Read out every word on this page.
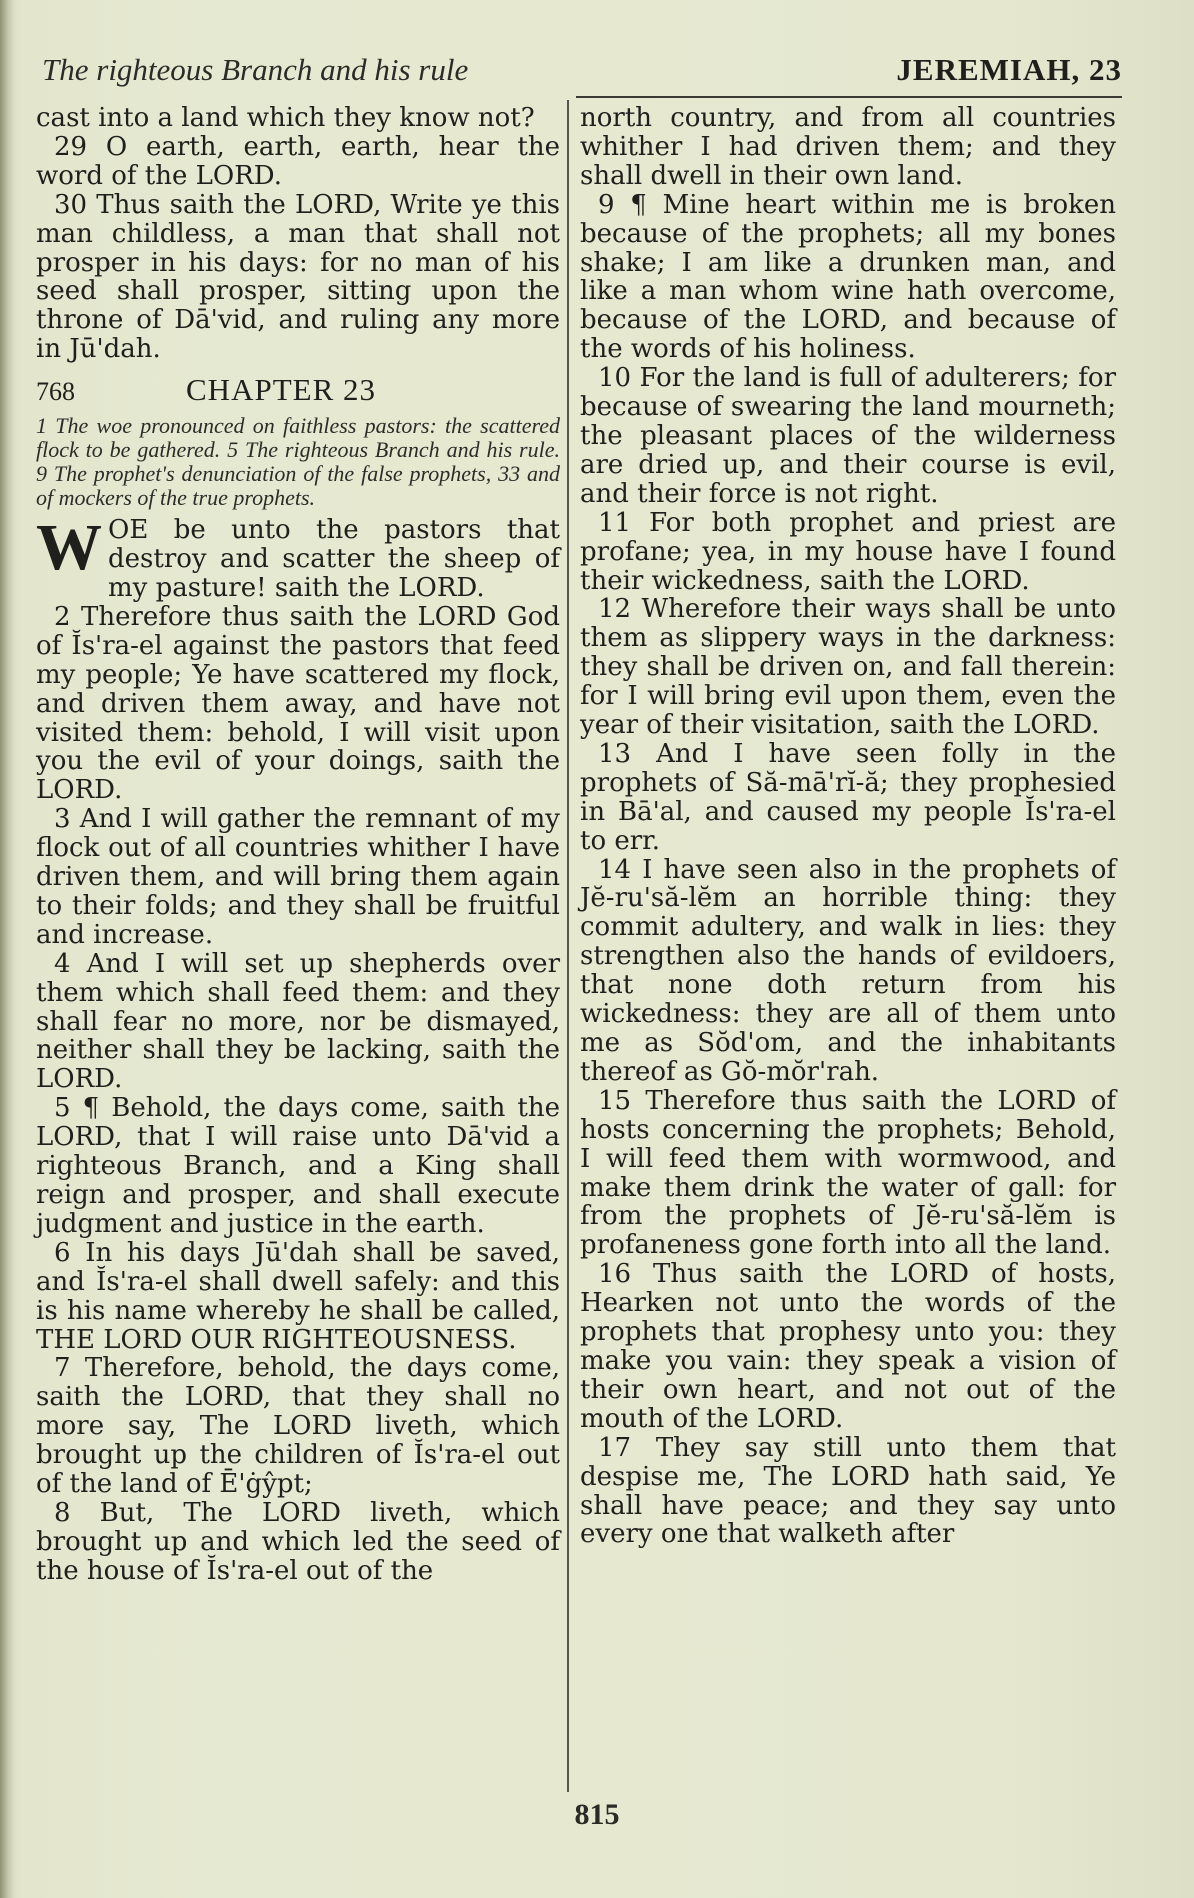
The righteous Branch and his rule	JEREMIAH, 23

cast into a land which they know not?

29 O earth, earth, earth, hear the word of the LORD.

30 Thus saith the LORD, Write ye this man childless, a man that shall not prosper in his days: for no man of his seed shall prosper, sitting upon the throne of Dā'vid, and ruling any more in Jū'dah.

768	CHAPTER 23
1 The woe pronounced on faithless pastors: the scattered flock to be gathered. 5 The righteous Branch and his rule. 9 The prophet's denunciation of the false prophets, 33 and of mockers of the true prophets.

WOE be unto the pastors that destroy and scatter the sheep of my pasture! saith the LORD.

2 Therefore thus saith the LORD God of Ĭs'ra-el against the pastors that feed my people; Ye have scattered my flock, and driven them away, and have not visited them: behold, I will visit upon you the evil of your doings, saith the LORD.

3 And I will gather the remnant of my flock out of all countries whither I have driven them, and will bring them again to their folds; and they shall be fruitful and increase.

4 And I will set up shepherds over them which shall feed them: and they shall fear no more, nor be dismayed, neither shall they be lacking, saith the LORD.

5 ¶ Behold, the days come, saith the LORD, that I will raise unto Dā'vid a righteous Branch, and a King shall reign and prosper, and shall execute judgment and justice in the earth.

6 In his days Jū'dah shall be saved, and Ĭs'ra-el shall dwell safely: and this is his name whereby he shall be called, THE LORD OUR RIGHTEOUSNESS.

7 Therefore, behold, the days come, saith the LORD, that they shall no more say, The LORD liveth, which brought up the children of Ĭs'ra-el out of the land of Ē'ġŷpt;

8 But, The LORD liveth, which brought up and which led the seed of the house of Ĭs'ra-el out of the

north country, and from all countries whither I had driven them; and they shall dwell in their own land.

9 ¶ Mine heart within me is broken because of the prophets; all my bones shake; I am like a drunken man, and like a man whom wine hath overcome, because of the LORD, and because of the words of his holiness.

10 For the land is full of adulterers; for because of swearing the land mourneth; the pleasant places of the wilderness are dried up, and their course is evil, and their force is not right.

11 For both prophet and priest are profane; yea, in my house have I found their wickedness, saith the LORD.

12 Wherefore their ways shall be unto them as slippery ways in the darkness: they shall be driven on, and fall therein: for I will bring evil upon them, even the year of their visitation, saith the LORD.

13 And I have seen folly in the prophets of Să-mā'rĭ-ă; they prophesied in Bā'al, and caused my people Ĭs'ra-el to err.

14 I have seen also in the prophets of Jĕ-ru'să-lĕm an horrible thing: they commit adultery, and walk in lies: they strengthen also the hands of evildoers, that none doth return from his wickedness: they are all of them unto me as Sŏd'om, and the inhabitants thereof as Gŏ-mŏr'rah.

15 Therefore thus saith the LORD of hosts concerning the prophets; Behold, I will feed them with wormwood, and make them drink the water of gall: for from the prophets of Jĕ-ru'să-lĕm is profaneness gone forth into all the land.

16 Thus saith the LORD of hosts, Hearken not unto the words of the prophets that prophesy unto you: they make you vain: they speak a vision of their own heart, and not out of the mouth of the LORD.

17 They say still unto them that despise me, The LORD hath said, Ye shall have peace; and they say unto every one that walketh after

815
